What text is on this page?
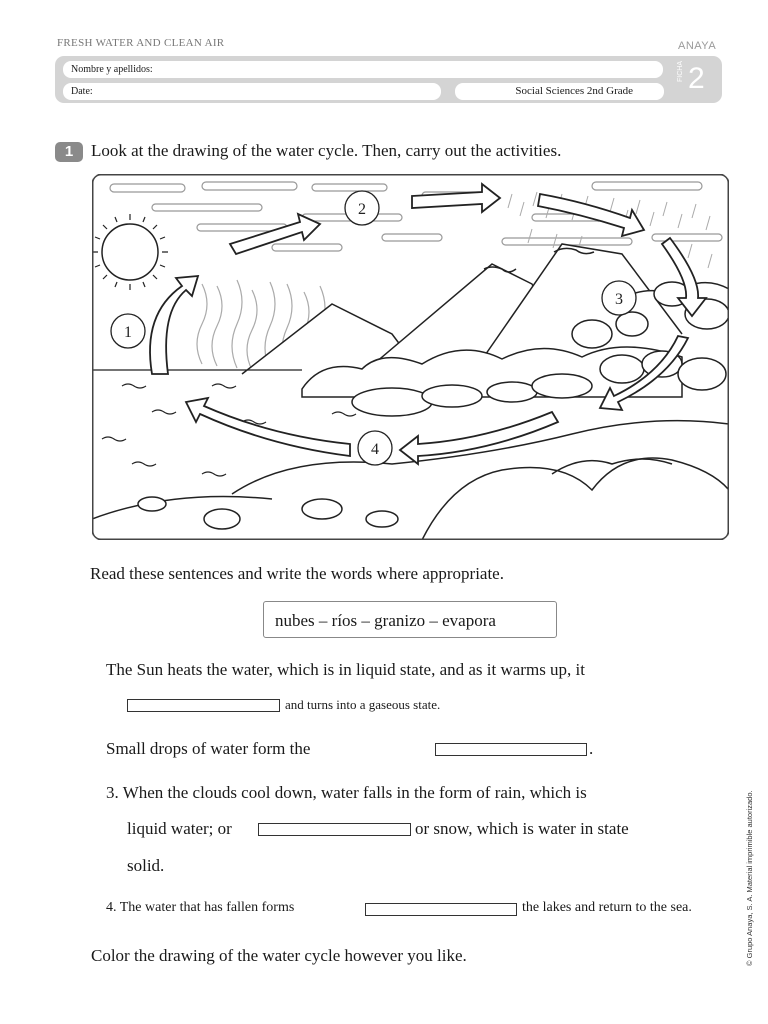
FRESH WATER AND CLEAN AIR	ANAYA
Nombre y apellidos:
Date:	Social Sciences 2nd Grade
FICHA 2
1	Look at the drawing of the water cycle. Then, carry out the activities.
1
2
3
4
Read these sentences and write the words where appropriate.
nubes – ríos – granizo – evapora
The Sun heats the water, which is in liquid state, and as it warms up, it
and turns into a gaseous state.
Small drops of water form the	.
3. When the clouds cool down, water falls in the form of rain, which is
liquid water; or	or snow, which is water in state
solid.
4. The water that has fallen forms	the lakes and return to the sea.
Color the drawing of the water cycle however you like.	© Grupo Anaya, S. A. Material imprimible autorizado.
